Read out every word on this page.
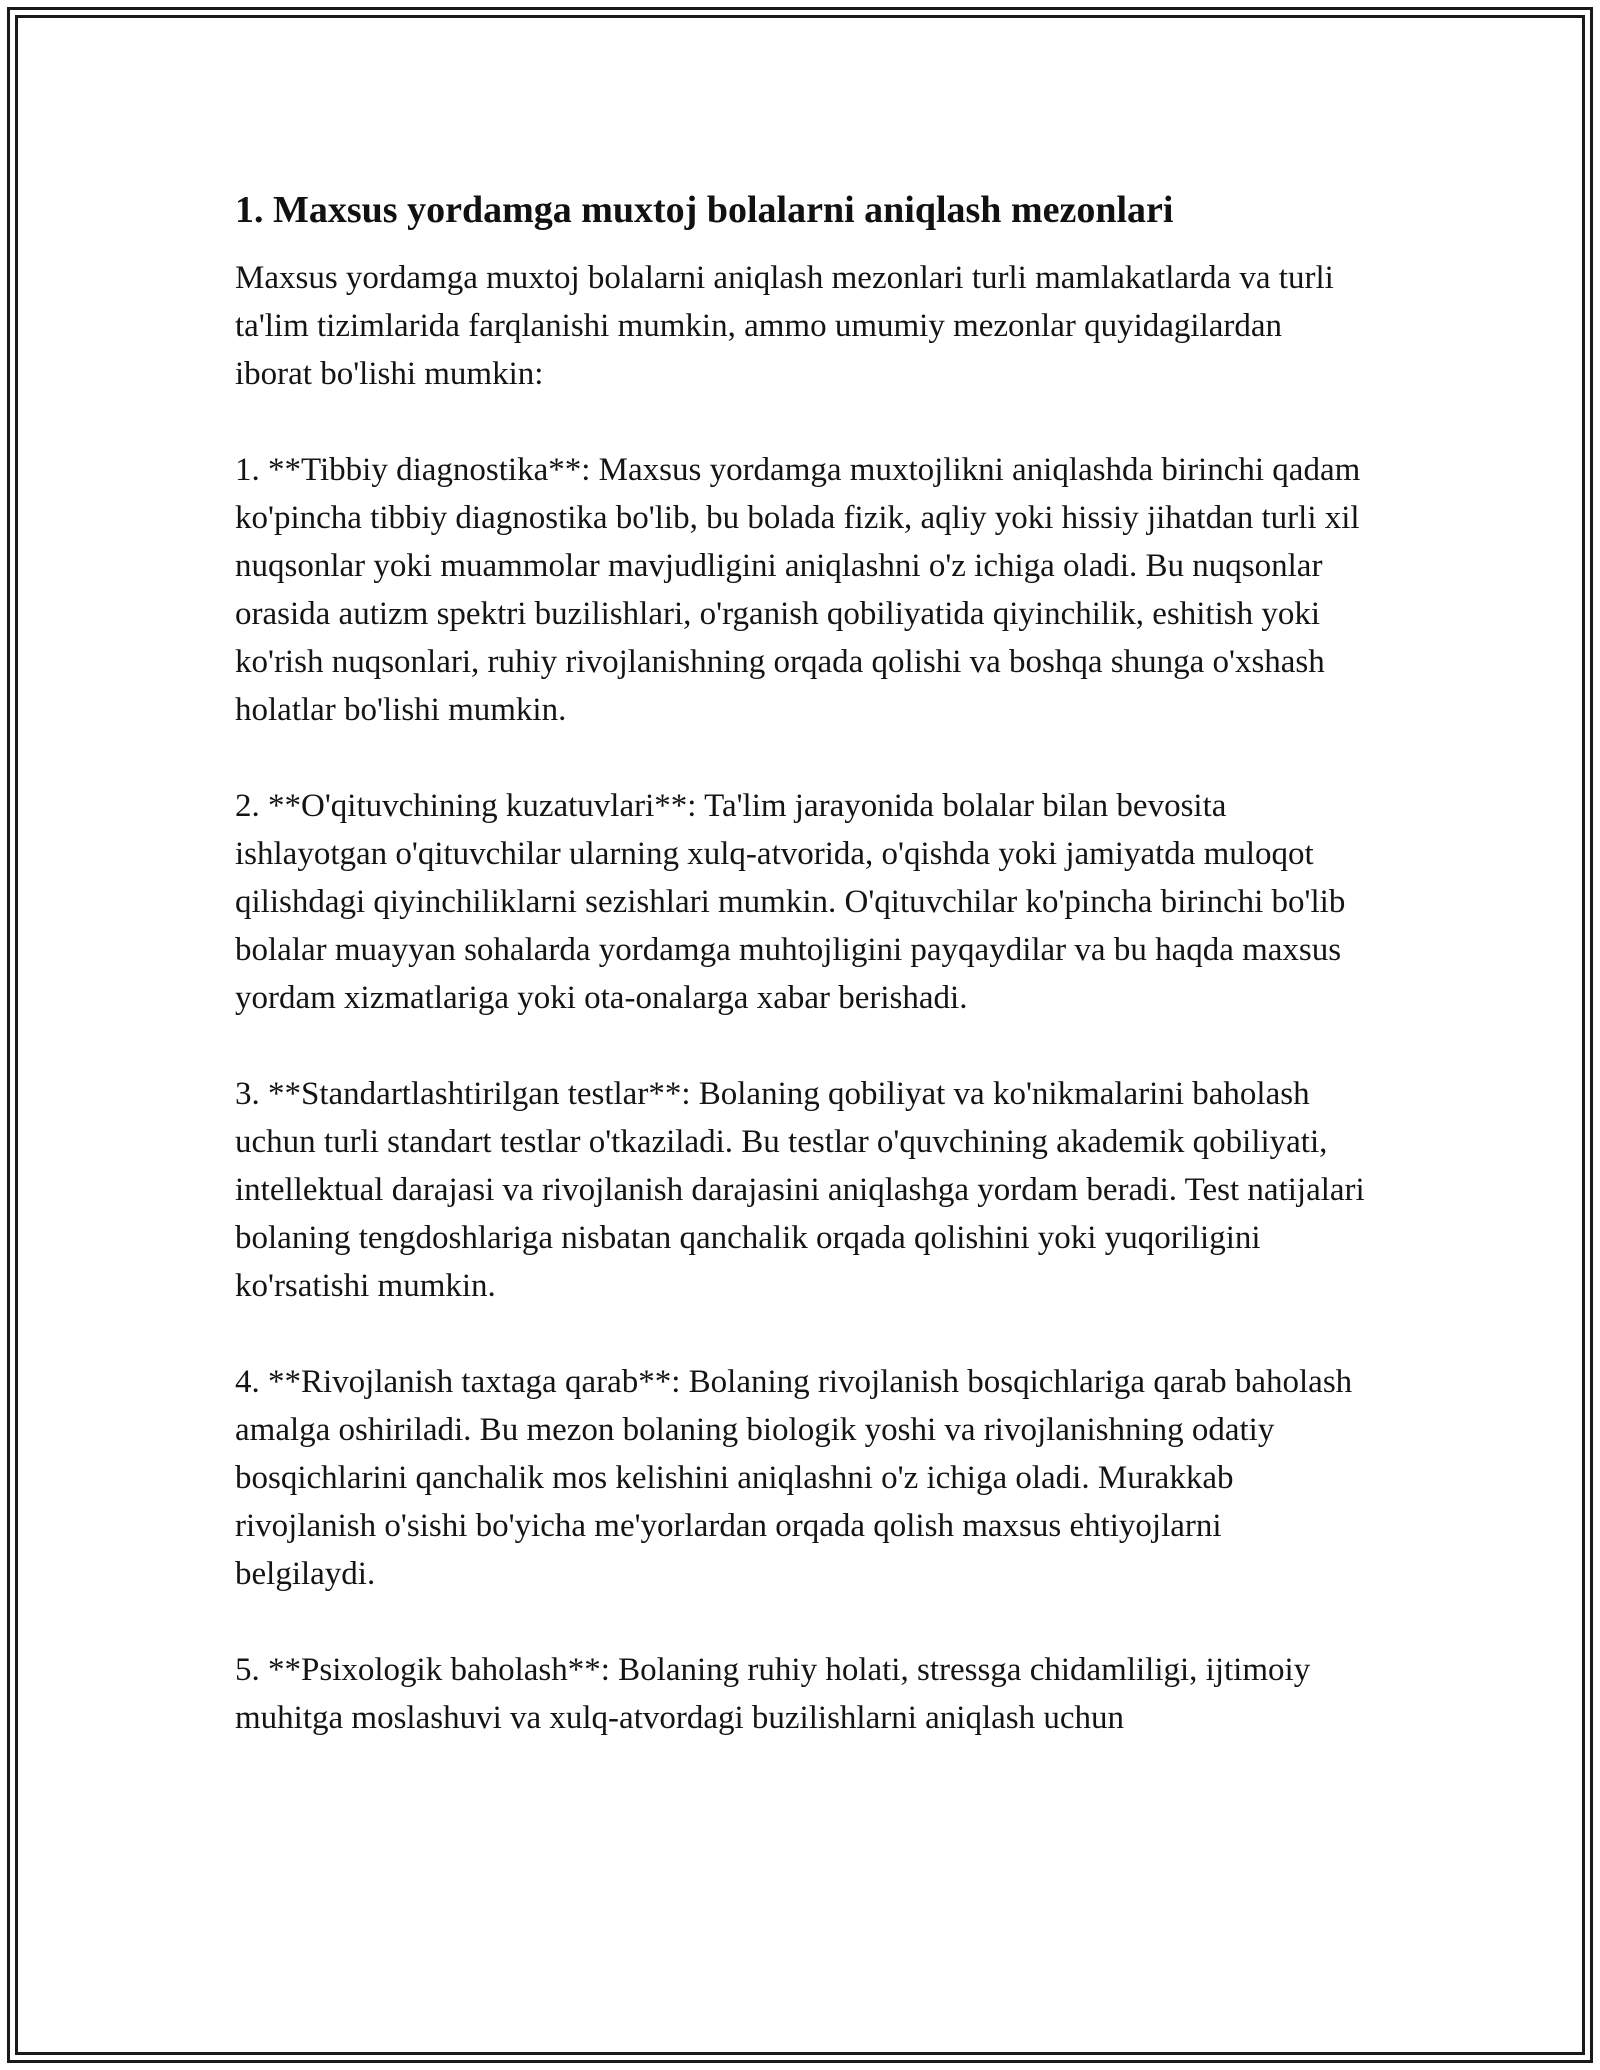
1. Maxsus yordamga muxtoj bolalarni aniqlash mezonlari

Maxsus yordamga muxtoj bolalarni aniqlash mezonlari turli mamlakatlarda va turli ta'lim tizimlarida farqlanishi mumkin, ammo umumiy mezonlar quyidagilardan iborat bo'lishi mumkin:

1. **Tibbiy diagnostika**: Maxsus yordamga muxtojlikni aniqlashda birinchi qadam ko'pincha tibbiy diagnostika bo'lib, bu bolada fizik, aqliy yoki hissiy jihatdan turli xil nuqsonlar yoki muammolar mavjudligini aniqlashni o'z ichiga oladi. Bu nuqsonlar orasida autizm spektri buzilishlari, o'rganish qobiliyatida qiyinchilik, eshitish yoki ko'rish nuqsonlari, ruhiy rivojlanishning orqada qolishi va boshqa shunga o'xshash holatlar bo'lishi mumkin.

2. **O'qituvchining kuzatuvlari**: Ta'lim jarayonida bolalar bilan bevosita ishlayotgan o'qituvchilar ularning xulq-atvorida, o'qishda yoki jamiyatda muloqot qilishdagi qiyinchiliklarni sezishlari mumkin. O'qituvchilar ko'pincha birinchi bo'lib bolalar muayyan sohalarda yordamga muhtojligini payqaydilar va bu haqda maxsus yordam xizmatlariga yoki ota-onalarga xabar berishadi.

3. **Standartlashtirilgan testlar**: Bolaning qobiliyat va ko'nikmalarini baholash uchun turli standart testlar o'tkaziladi. Bu testlar o'quvchining akademik qobiliyati, intellektual darajasi va rivojlanish darajasini aniqlashga yordam beradi. Test natijalari bolaning tengdoshlariga nisbatan qanchalik orqada qolishini yoki yuqoriligini ko'rsatishi mumkin.

4. **Rivojlanish taxtaga qarab**: Bolaning rivojlanish bosqichlariga qarab baholash amalga oshiriladi. Bu mezon bolaning biologik yoshi va rivojlanishning odatiy bosqichlarini qanchalik mos kelishini aniqlashni o'z ichiga oladi. Murakkab rivojlanish o'sishi bo'yicha me'yorlardan orqada qolish maxsus ehtiyojlarni belgilaydi.

5. **Psixologik baholash**: Bolaning ruhiy holati, stressga chidamliligi, ijtimoiy muhitga moslashuvi va xulq-atvordagi buzilishlarni aniqlash uchun
